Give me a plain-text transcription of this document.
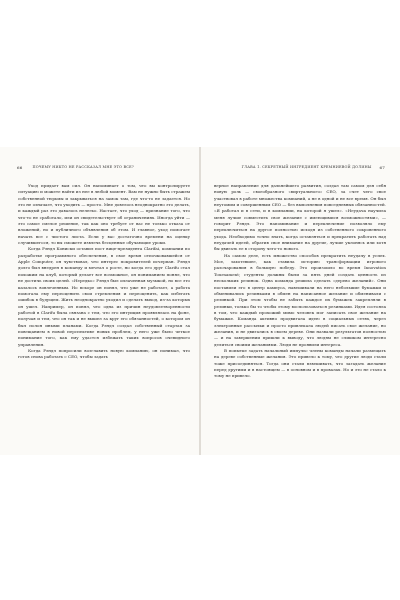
66	ПОЧЕМУ НИКТО НЕ РАССКАЗАЛ МНЕ ЭТО ВСЕ?

Уход придает вам сил. Он напоминает о том, что вы контролируете ситуацию и можете найти из нее в любой момент. Вам не нужно быть стражем собственной тюрьмы и закрываться на замок там, где что-то не задается. Но это не означает, что уходить — просто. Мне довелось неоднократно это делать, и каждый раз это давалось нелегко. Настает, что уход — признание того, что что-то не сработало, или он свидетельствует об ограничениях. Иногда уйти — это самое смелое решение, так как оно требует от вас не только отказа от вложений, но и публичного объявления об этом. И главное, уход помогает начать все с чистого листа. Если у вас достаточно времени на оценку случившегося, то вы сможете извлечь бесценные обучающие уроки.

Когда Рэндл Кониски оставил пост вице-президента Clarifai, компании по разработке программного обеспечения, в свое время отпочковавшейся от Apple Computer, он чувствовал, что интерес покровителей исчерпан. Рэндл долго был внедрен в команду и мечтал о росте, но когда его друг Clarifu стал похожим на клуб, который делает все возможное, он пониманием понял, что не достичь своих целей. «Нередко» Рэндл был оплаченная музыкой, но все это казалось вовлеченным. Но вскоре он понял, что уже не работает, а работа помогала ему переоценить свои стремления и переоценить, как избегать ошибок в будущем. Жить неоднократно уходил и сделать выход, из-за которых он ушел. Например, он понял, что одна из причин неудовлетворенности работой в Clarifu была связана с тем, что его интуиция проявлялась на фоне, получая и тем, что он так и не вышел за круг его обязанностей, о котором он был полон иными планами. Когда Рэндл создал собственный стартап за повещанием в новой перспективе новых проблем, у него уже было четкое понимание того, как ему удастся избежать таких вопросов очевидного управления.

Когда Рэндл попросили возглавить новую компанию, он понимал, что готов снова работать с CEO, чтобы задать

ГЛАВА 1. СЕКРЕТНЫЙ ИНГРЕДИЕНТ КРЕМНИЕВОЙ ДОЛИНЫ 67

верное направление для дальнейшего развития, создал там самом для себя новую роль — своеобразного «виртуального» CEO, за счет чего свое участвовал в работе множества компаний, а не в одной и не все время. Он был неутомим и совершенным CEO — без выполнения повседневных обязанностей. «Я работал и в сети, и в компании, на которой я ушел». «Неудача научила меня лучше совместить свое желание с имеющимися возможностями», — говорит Рэндл. Это напоминание и переключение позволяло ему переключиться на другое полностью исходя из собственного сокровенного ухода. Необходимо точно знать, когда оставляться и прекратить работать над неудачей идеей, обратив свое внимание на другие, лучше уклонясь или хотя бы двигать ее в сторону чего-то нового.

На самом деле, есть множество способов прекратить неудачу в успех. Мое, захотевшее, как ставила историю трансформации игрового разочарования в большую победу. Это произошло во время Innovation Tournament; студенты должны были за пять дней создать ценность из нескольких резинок. Одна команда решила сделать «дерево желаний». Они поставили его в центр кампуса, навешивали на него небольшие бумажки и обменивались резинками в обмен на написанное желание и обменивали с резинкой. При этом чтобы не забыть каждое их бумажек закрепляли в резинки, только бы то чтобы этому воспользоваться резинками. Идея состояла в том, что каждый прохожий мимо человек мог записать свое желание на бумажке. Команда активно продвигала идею в социальных сетях, через электронные рассылки и просто привлекала людей писать свое желание, но желания, и не двигались в своем дереве. Они назвали результатов полностью — и на завершении пришли к выводу, что людям не слишком интересно делиться своими желаниями. Люди не проявили интереса.

В попытке задать начальный импульс члены команды начали размещать на дереве собственные желания. Это привело к тому, что другие люди стали тоже присоединяться. Тогда они стали взвешивать, что загадать желание перед другими и в настоящем — в основном и в провалах. Но и это не стало к тому не привело.
